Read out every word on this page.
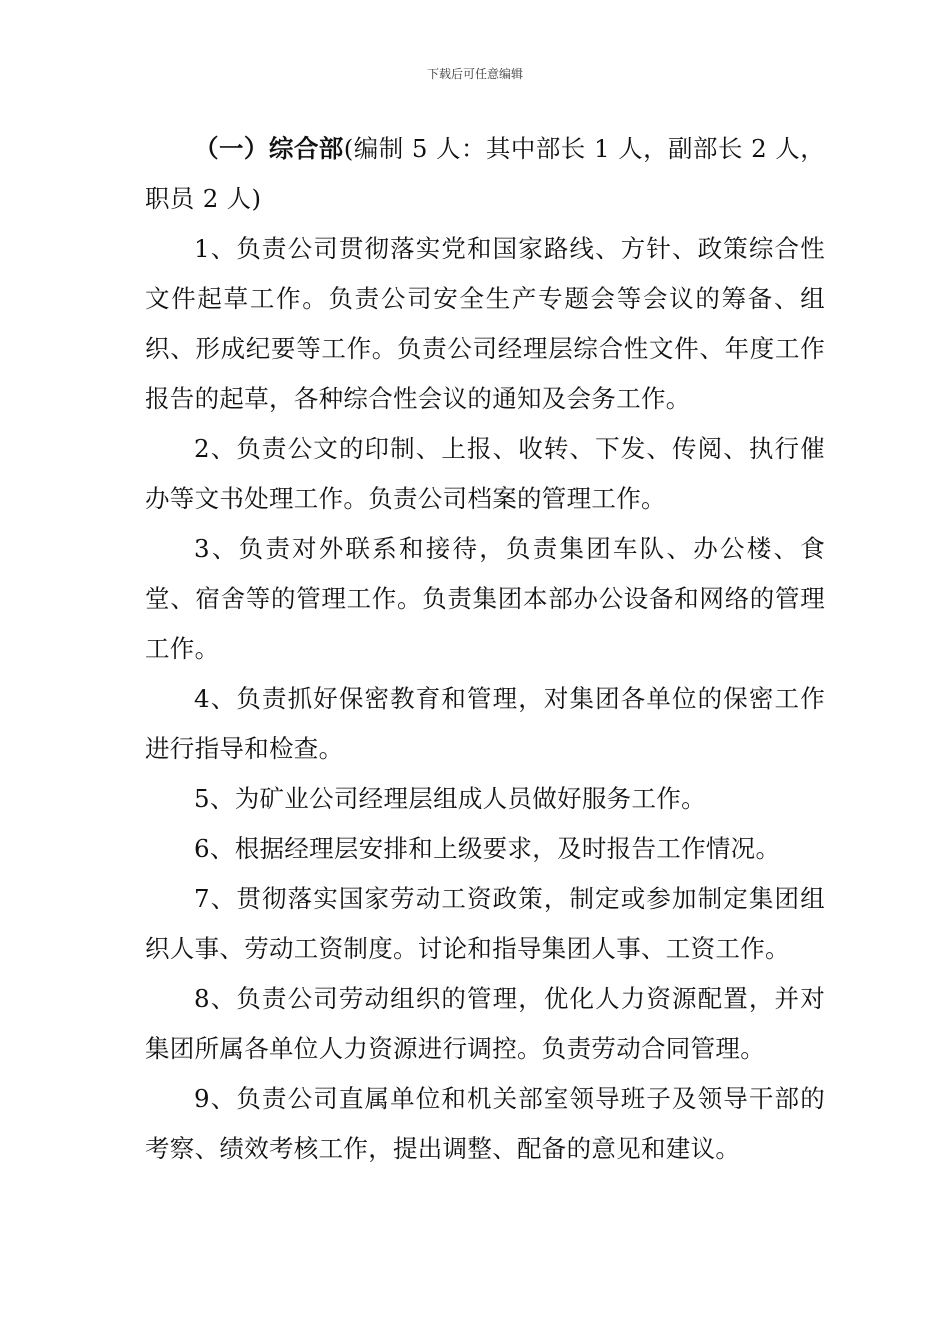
下载后可任意编辑

（一）综合部(编制 5 人：其中部长 1 人，副部长 2 人，职员 2 人)

1、负责公司贯彻落实党和国家路线、方针、政策综合性文件起草工作。负责公司安全生产专题会等会议的筹备、组织、形成纪要等工作。负责公司经理层综合性文件、年度工作报告的起草，各种综合性会议的通知及会务工作。

2、负责公文的印制、上报、收转、下发、传阅、执行催办等文书处理工作。负责公司档案的管理工作。

3、负责对外联系和接待，负责集团车队、办公楼、食堂、宿舍等的管理工作。负责集团本部办公设备和网络的管理工作。

4、负责抓好保密教育和管理，对集团各单位的保密工作进行指导和检查。

5、为矿业公司经理层组成人员做好服务工作。

6、根据经理层安排和上级要求，及时报告工作情况。

7、贯彻落实国家劳动工资政策，制定或参加制定集团组织人事、劳动工资制度。讨论和指导集团人事、工资工作。

8、负责公司劳动组织的管理，优化人力资源配置，并对集团所属各单位人力资源进行调控。负责劳动合同管理。

9、负责公司直属单位和机关部室领导班子及领导干部的考察、绩效考核工作，提出调整、配备的意见和建议。
